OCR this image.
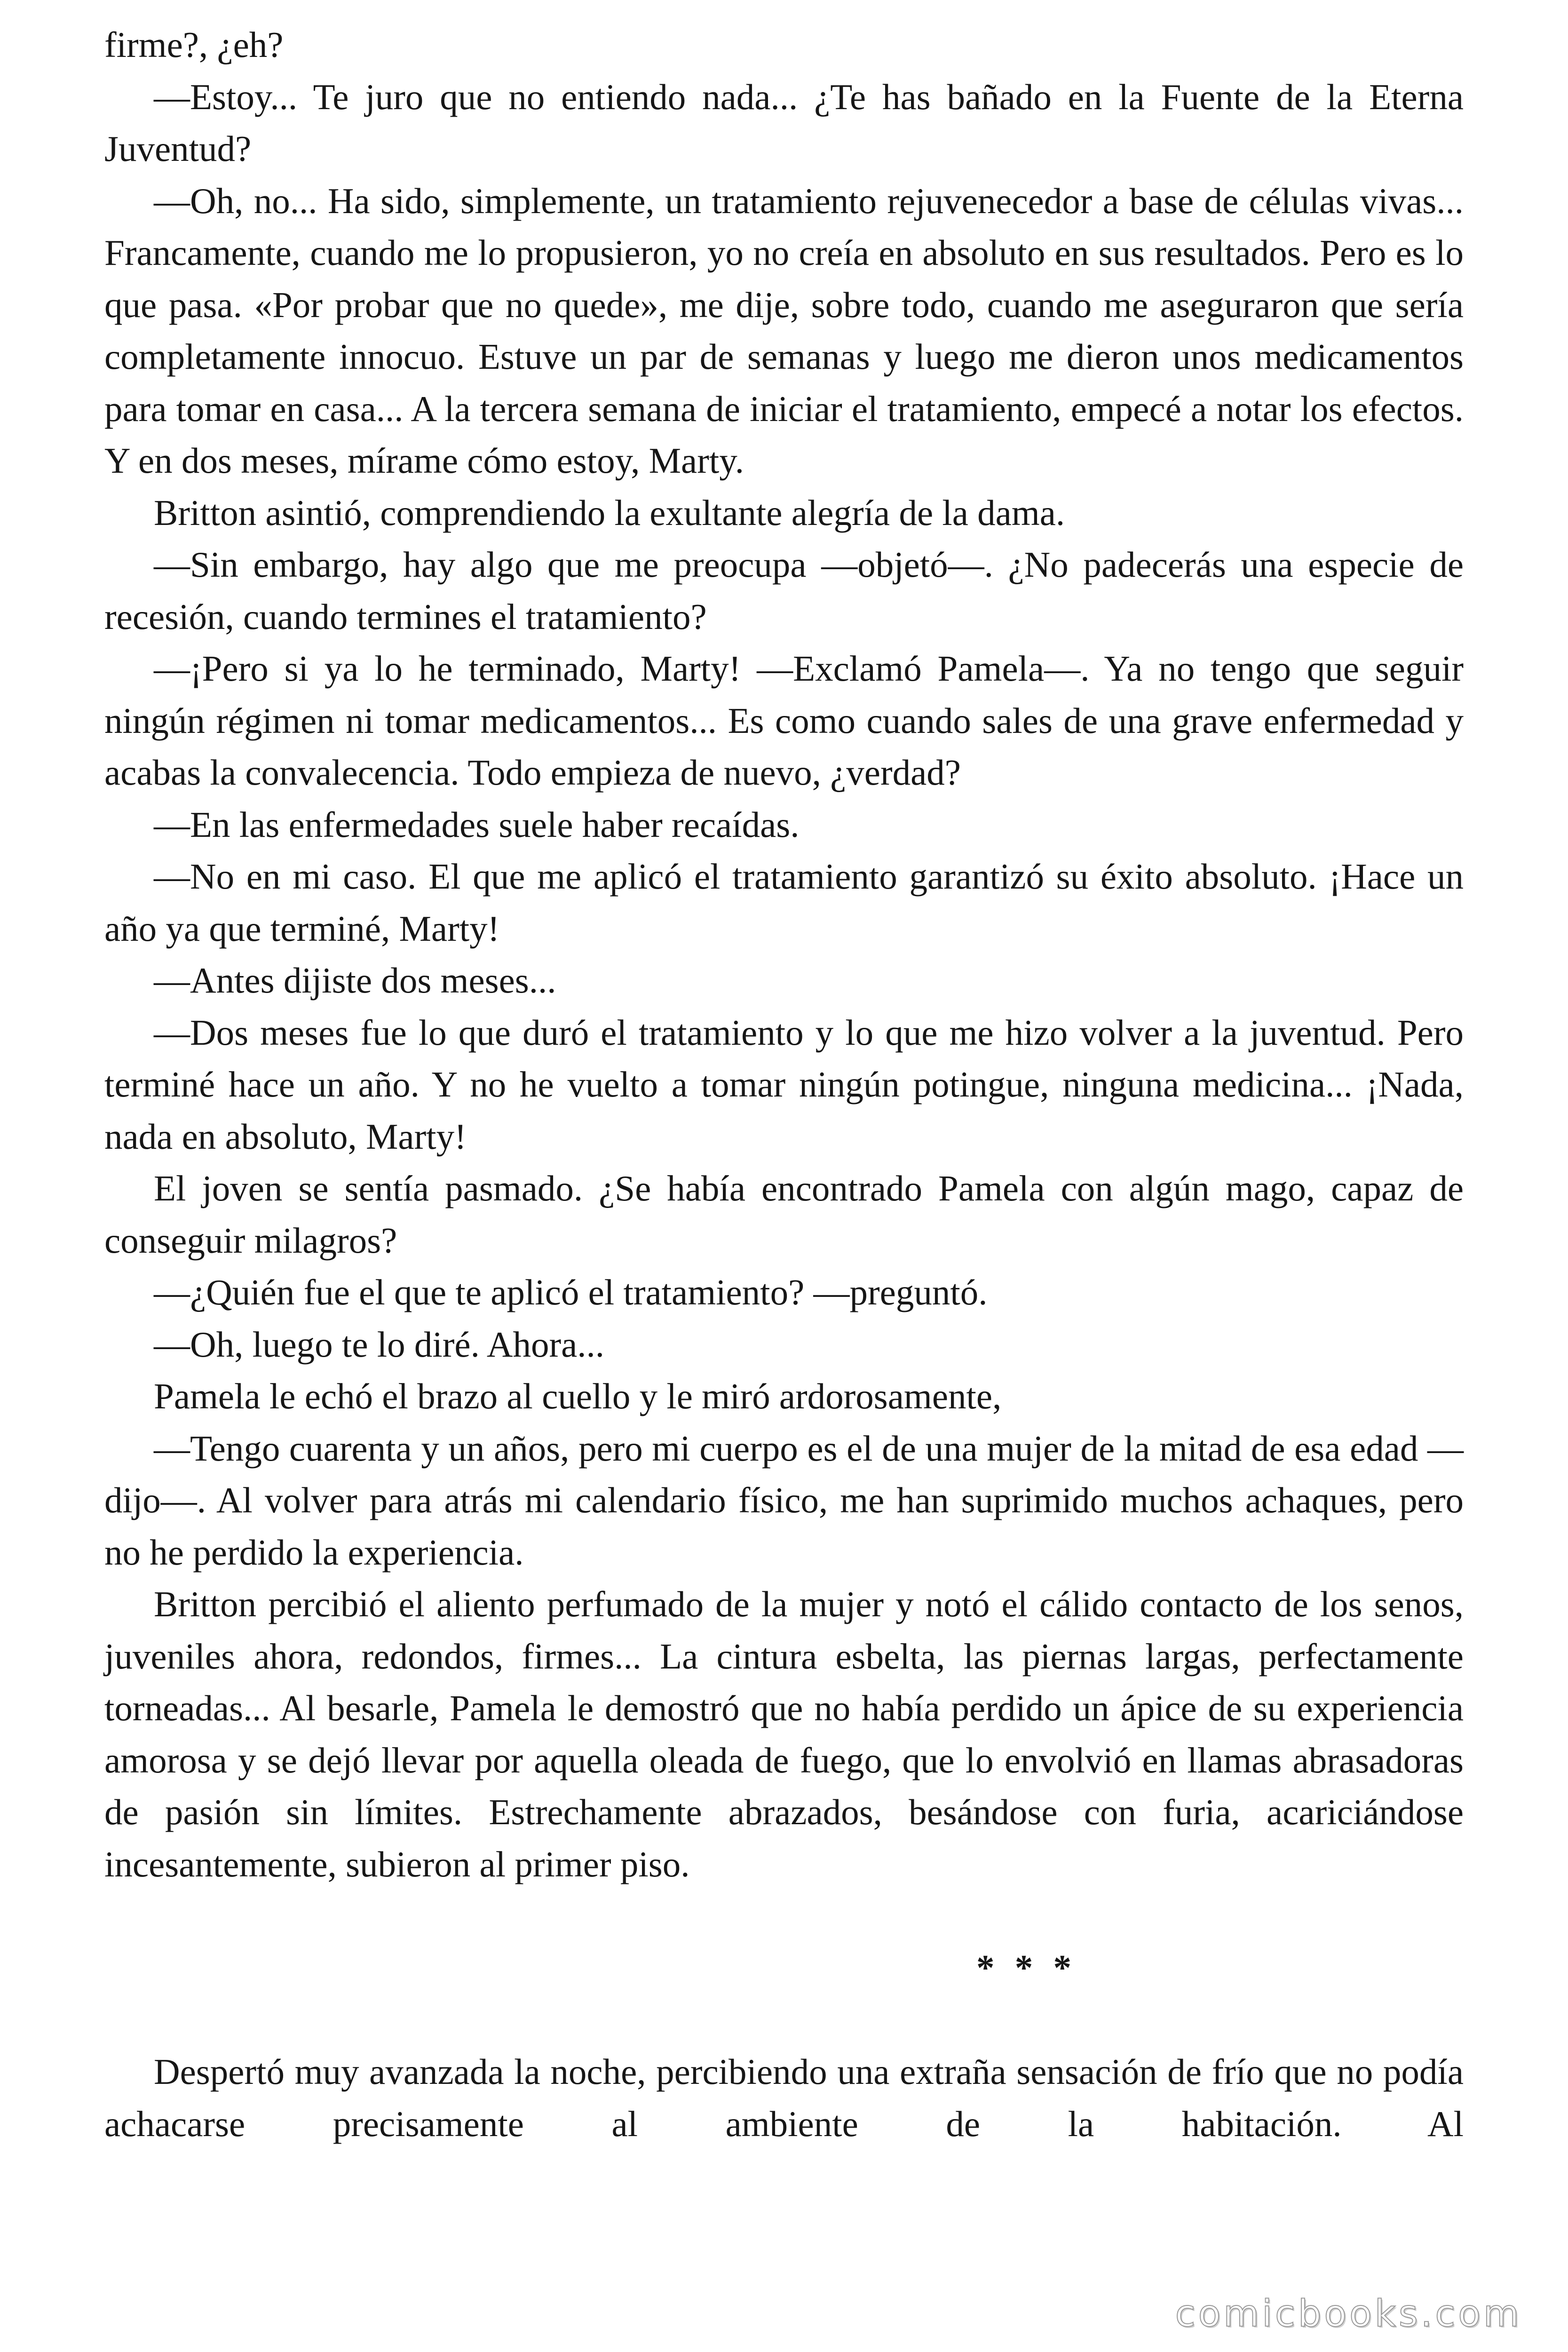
firme?, ¿eh?

—Estoy... Te juro que no entiendo nada... ¿Te has bañado en la Fuente de la Eterna Juventud?

—Oh, no... Ha sido, simplemente, un tratamiento rejuvenecedor a base de células vivas... Francamente, cuando me lo propusieron, yo no creía en absoluto en sus resultados. Pero es lo que pasa. «Por probar que no quede», me dije, sobre todo, cuando me aseguraron que sería completamente innocuo. Estuve un par de semanas y luego me dieron unos medicamentos para tomar en casa... A la tercera semana de iniciar el tratamiento, empecé a notar los efectos. Y en dos meses, mírame cómo estoy, Marty.

Britton asintió, comprendiendo la exultante alegría de la dama.

—Sin embargo, hay algo que me preocupa —objetó—. ¿No padecerás una especie de recesión, cuando termines el tratamiento?

—¡Pero si ya lo he terminado, Marty! —Exclamó Pamela—. Ya no tengo que seguir ningún régimen ni tomar medicamentos... Es como cuando sales de una grave enfermedad y acabas la convalecencia. Todo empieza de nuevo, ¿verdad?

—En las enfermedades suele haber recaídas.

—No en mi caso. El que me aplicó el tratamiento garantizó su éxito absoluto. ¡Hace un año ya que terminé, Marty!

—Antes dijiste dos meses...

—Dos meses fue lo que duró el tratamiento y lo que me hizo volver a la juventud. Pero terminé hace un año. Y no he vuelto a tomar ningún potingue, ninguna medicina... ¡Nada, nada en absoluto, Marty!

El joven se sentía pasmado. ¿Se había encontrado Pamela con algún mago, capaz de conseguir milagros?

—¿Quién fue el que te aplicó el tratamiento? —preguntó.

—Oh, luego te lo diré. Ahora...

Pamela le echó el brazo al cuello y le miró ardorosamente,

—Tengo cuarenta y un años, pero mi cuerpo es el de una mujer de la mitad de esa edad —dijo—. Al volver para atrás mi calendario físico, me han suprimido muchos achaques, pero no he perdido la experiencia.

Britton percibió el aliento perfumado de la mujer y notó el cálido contacto de los senos, juveniles ahora, redondos, firmes... La cintura esbelta, las piernas largas, perfectamente torneadas... Al besarle, Pamela le demostró que no había perdido un ápice de su experiencia amorosa y se dejó llevar por aquella oleada de fuego, que lo envolvió en llamas abrasadoras de pasión sin límites. Estrechamente abrazados, besándose con furia, acariciándose incesantemente, subieron al primer piso.

* * *

Despertó muy avanzada la noche, percibiendo una extraña sensación de frío que no podía achacarse precisamente al ambiente de la habitación. Al

comicbooks.com
